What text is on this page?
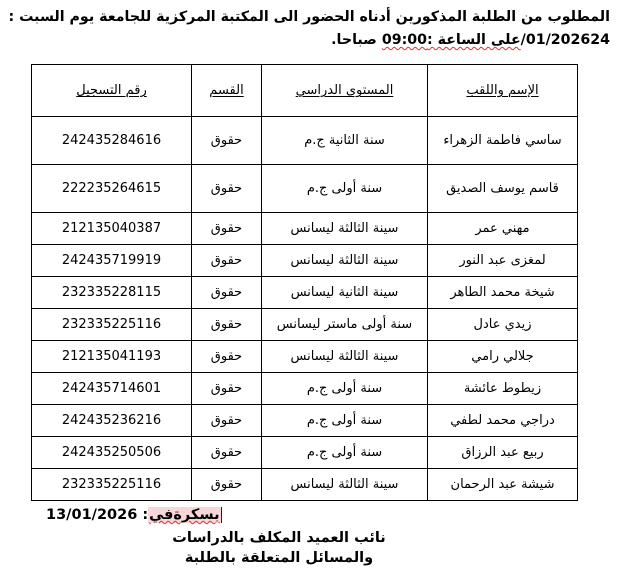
المطلوب من الطلبة المذكورين أدناه الحضور الى المكتبة المركزية للجامعة يوم السبت :
24/01/2026على الساعة :09:00 صباحا.
الإسم واللقب	المستوى الدراسي	القسم	رقم التسجيل
ساسي فاطمة الزهراء	سنة الثانية ج.م	حقوق	242435284616
قاسم يوسف الصديق	سنة أولى ج.م	حقوق	222235264615
مهني عمر	سينة الثالثة ليسانس	حقوق	212135040387
لمغزى عبد النور	سينة الثالثة ليسانس	حقوق	242435719919
شيخة محمد الطاهر	سينة الثانية ليسانس	حقوق	232335228115
زيدي عادل	سنة أولى ماستر ليسانس	حقوق	232335225116
جلالي رامي	سينة الثالثة ليسانس	حقوق	212135041193
زيطوط عائشة	سنة أولى ج.م	حقوق	242435714601
دراجي محمد لطفي	سنة أولى ج.م	حقوق	242435236216
ربيع عبد الرزاق	سنة أولى ج.م	حقوق	242435250506
شيشة عبد الرحمان	سينة الثالثة ليسانس	حقوق	232335225116
بسكرةفي: 13/01/2026
نائب العميد المكلف بالدراسات
والمسائل المتعلقة بالطلبة
